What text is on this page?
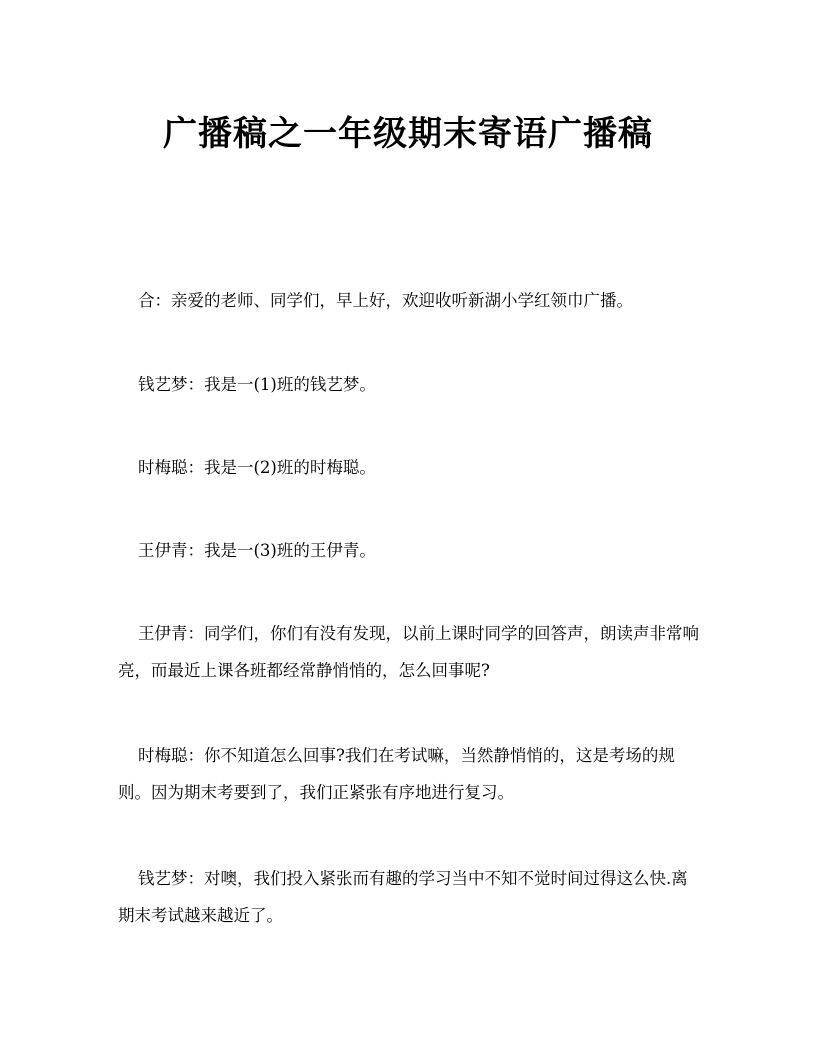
广播稿之一年级期末寄语广播稿

合：亲爱的老师、同学们，早上好，欢迎收听新湖小学红领巾广播。

钱艺梦：我是一(1)班的钱艺梦。

时梅聪：我是一(2)班的时梅聪。

王伊青：我是一(3)班的王伊青。

王伊青：同学们，你们有没有发现，以前上课时同学的回答声，朗读声非常响亮，而最近上课各班都经常静悄悄的，怎么回事呢?

时梅聪：你不知道怎么回事?我们在考试嘛，当然静悄悄的，这是考场的规则。因为期末考要到了，我们正紧张有序地进行复习。

钱艺梦：对噢，我们投入紧张而有趣的学习当中不知不觉时间过得这么快.离期末考试越来越近了。
